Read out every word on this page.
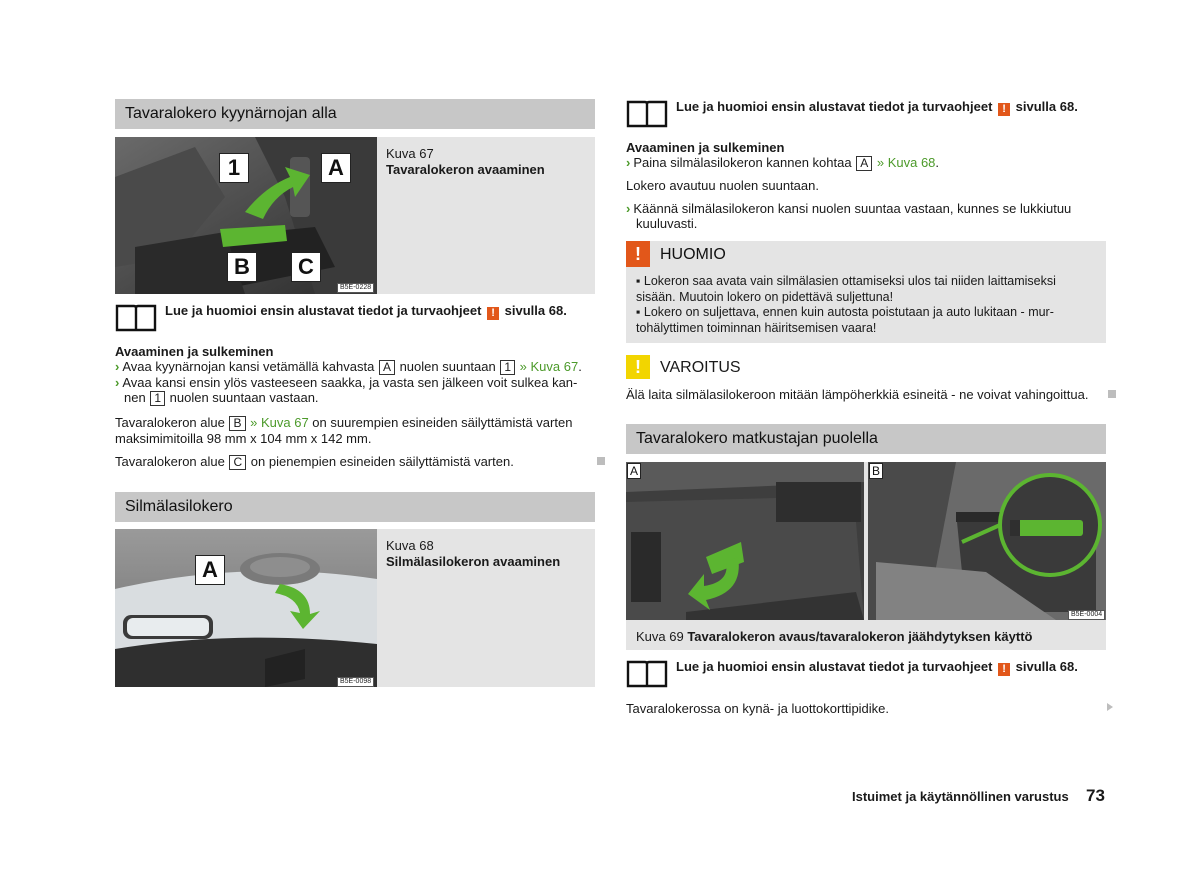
Tavaralokero kyynärnojan alla
1	A
B	C
B5E-0228
Kuva 67
Tavaralokeron avaaminen
Lue ja huomioi ensin alustavat tiedot ja turvaohjeet ! sivulla 68.
Avaaminen ja sulkeminen
› Avaa kyynärnojan kansi vetämällä kahvasta A nuolen suuntaan 1 » Kuva 67.
› Avaa kansi ensin ylös vasteeseen saakka, ja vasta sen jälkeen voit sulkea kan-
nen 1 nuolen suuntaan vastaan.
Tavaralokeron alue B » Kuva 67 on suurempien esineiden säilyttämistä varten
maksimimitoilla 98 mm x 104 mm x 142 mm.
Tavaralokeron alue C on pienempien esineiden säilyttämistä varten.
Silmälasilokero
A
B5E-0098
Kuva 68
Silmälasilokeron avaaminen
Lue ja huomioi ensin alustavat tiedot ja turvaohjeet ! sivulla 68.
Avaaminen ja sulkeminen
› Paina silmälasilokeron kannen kohtaa A » Kuva 68.
Lokero avautuu nuolen suuntaan.
› Käännä silmälasilokeron kansi nuolen suuntaa vastaan, kunnes se lukkiutuu
kuuluvasti.
!	HUOMIO
▪ Lokeron saa avata vain silmälasien ottamiseksi ulos tai niiden laittamiseksi
sisään. Muutoin lokero on pidettävä suljettuna!
▪ Lokero on suljettava, ennen kuin autosta poistutaan ja auto lukitaan - mur-
tohälyttimen toiminnan häiritsemisen vaara!
!	VAROITUS
Älä laita silmälasilokeroon mitään lämpöherkkiä esineitä - ne voivat vahingoittua.
Tavaralokero matkustajan puolella
A	B
B5E-0004
Kuva 69 Tavaralokeron avaus/tavaralokeron jäähdytyksen käyttö
Lue ja huomioi ensin alustavat tiedot ja turvaohjeet ! sivulla 68.
Tavaralokerossa on kynä- ja luottokorttipidike.
Istuimet ja käytännöllinen varustus 73
